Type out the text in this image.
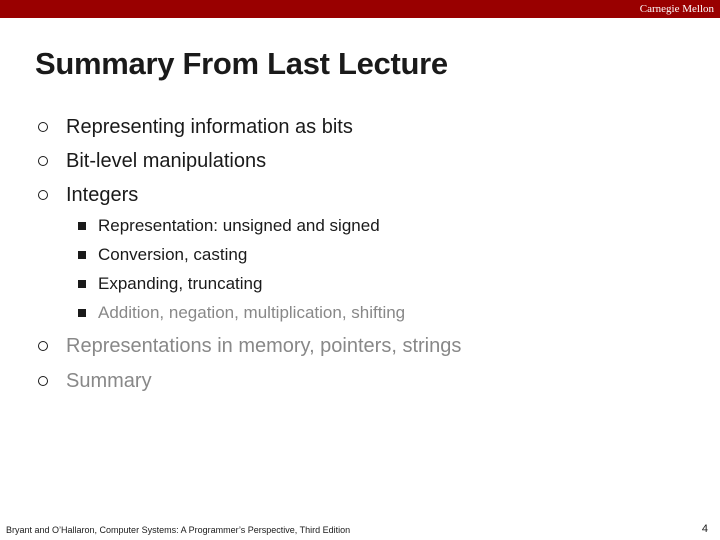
Carnegie Mellon
Summary From Last Lecture
Representing information as bits
Bit-level manipulations
Integers
Representation: unsigned and signed
Conversion, casting
Expanding, truncating
Addition, negation, multiplication, shifting
Representations in memory, pointers, strings
Summary
Bryant and O’Hallaron, Computer Systems: A Programmer’s Perspective, Third Edition	4
